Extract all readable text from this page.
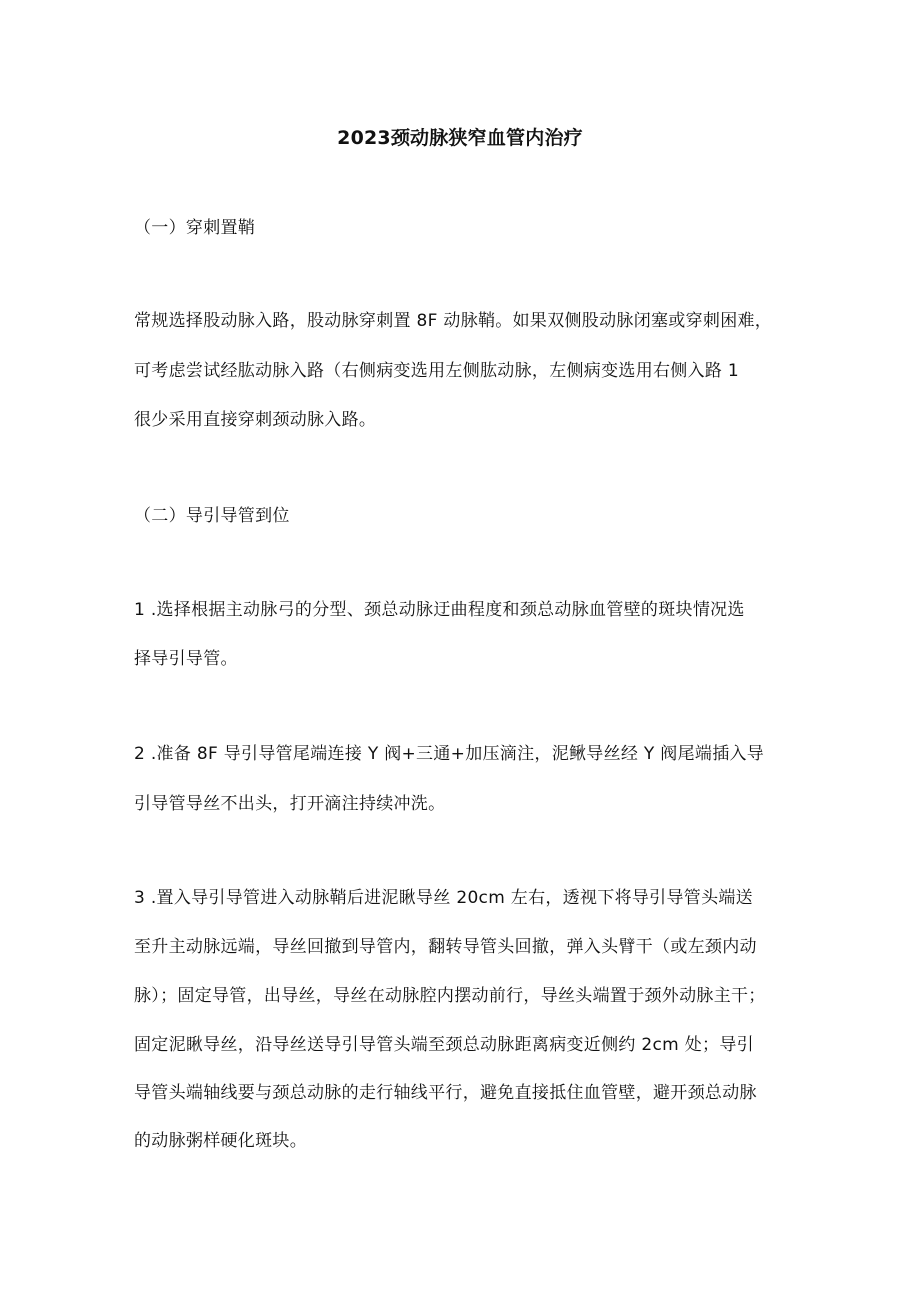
2023颈动脉狭窄血管内治疗
（一）穿刺置鞘
常规选择股动脉入路，股动脉穿刺置 8F 动脉鞘。如果双侧股动脉闭塞或穿刺困难，
可考虑尝试经肱动脉入路（右侧病变选用左侧肱动脉，左侧病变选用右侧入路 1
很少采用直接穿刺颈动脉入路。
（二）导引导管到位
1 .选择根据主动脉弓的分型、颈总动脉迂曲程度和颈总动脉血管壁的斑块情况选
择导引导管。
2 .准备 8F 导引导管尾端连接 Y 阀+三通+加压滴注，泥鳅导丝经 Y 阀尾端插入导
引导管导丝不出头，打开滴注持续冲洗。
3 .置入导引导管进入动脉鞘后进泥瞅导丝 20cm 左右，透视下将导引导管头端送
至升主动脉远端，导丝回撤到导管内，翻转导管头回撤，弹入头臂干（或左颈内动
脉）；固定导管，出导丝，导丝在动脉腔内摆动前行，导丝头端置于颈外动脉主干；
固定泥瞅导丝，沿导丝送导引导管头端至颈总动脉距离病变近侧约 2cm 处；导引
导管头端轴线要与颈总动脉的走行轴线平行，避免直接抵住血管壁，避开颈总动脉
的动脉粥样硬化斑块。
